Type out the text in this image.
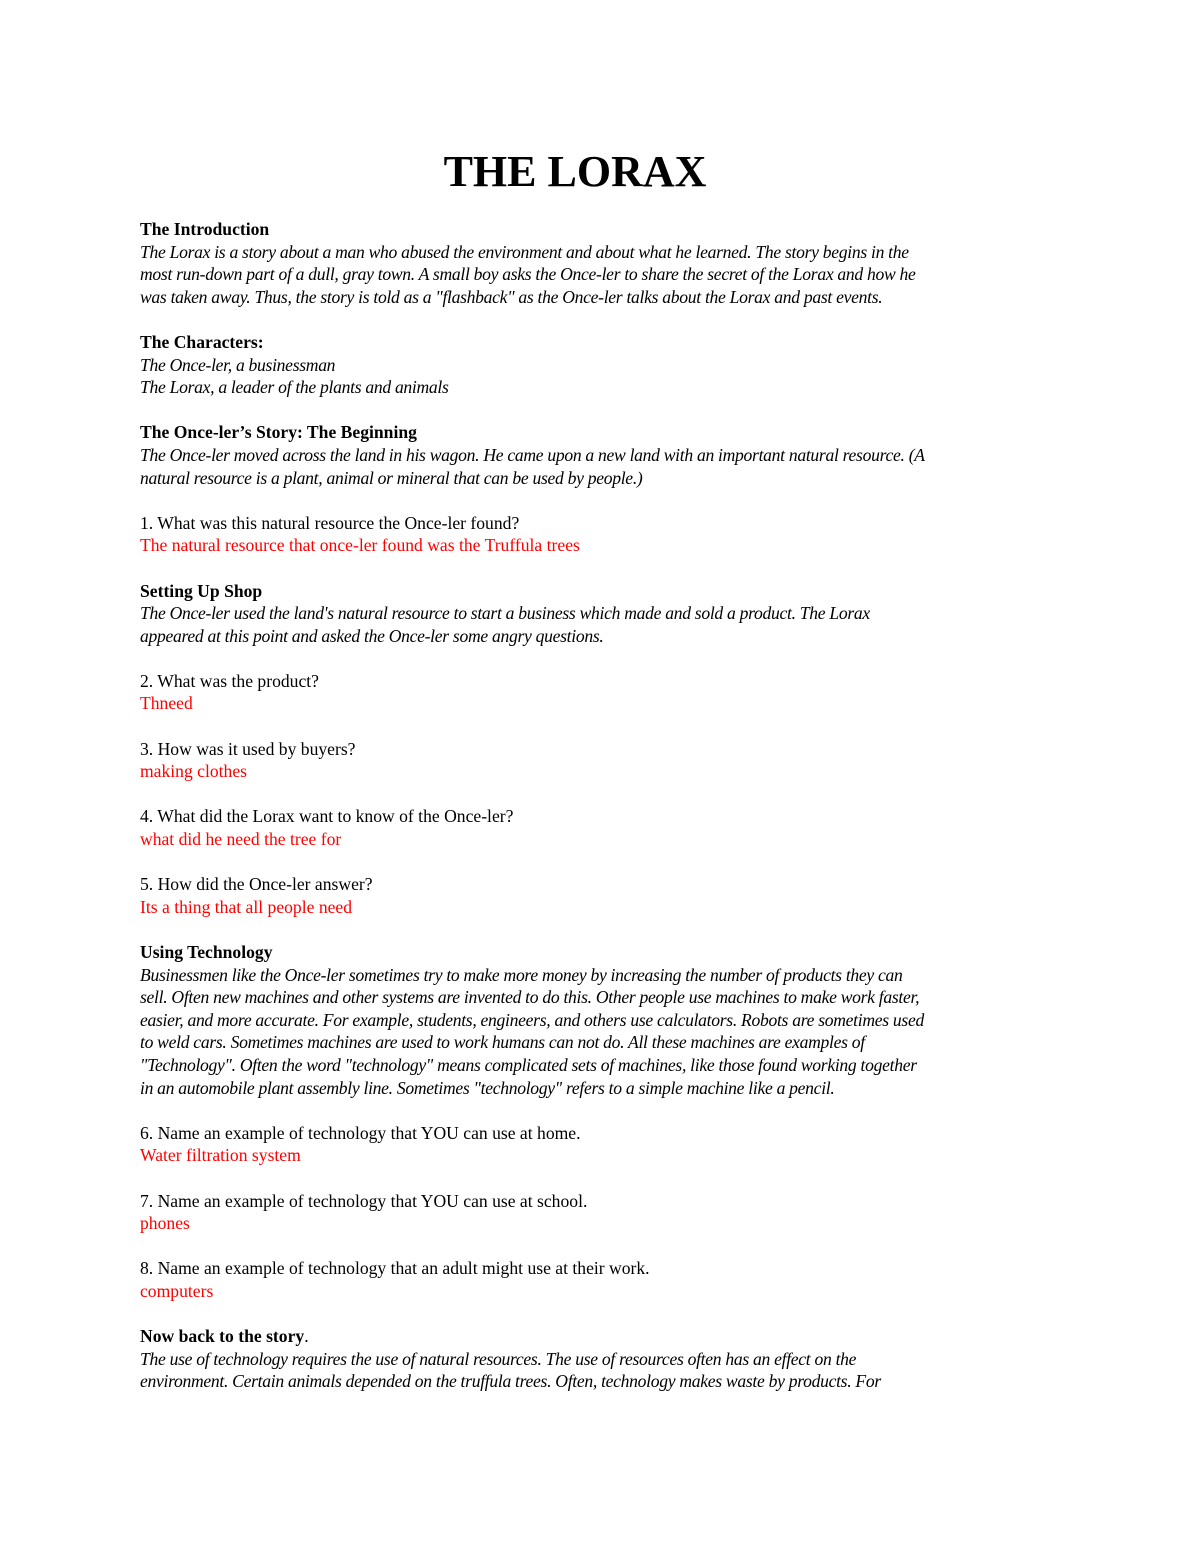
THE LORAX

The Introduction

The Lorax is a story about a man who abused the environment and about what he learned. The story begins in the
most run-down part of a dull, gray town. A small boy asks the Once-ler to share the secret of the Lorax and how he
was taken away. Thus, the story is told as a "flashback" as the Once-ler talks about the Lorax and past events.

The Characters:

The Once-ler, a businessman
The Lorax, a leader of the plants and animals

The Once-ler’s Story: The Beginning

The Once-ler moved across the land in his wagon. He came upon a new land with an important natural resource. (A
natural resource is a plant, animal or mineral that can be used by people.)

1. What was this natural resource the Once-ler found?

The natural resource that once-ler found was the Truffula trees

Setting Up Shop

The Once-ler used the land's natural resource to start a business which made and sold a product. The Lorax
appeared at this point and asked the Once-ler some angry questions.

2. What was the product?

Thneed

3. How was it used by buyers?

making clothes

4. What did the Lorax want to know of the Once-ler?

what did he need the tree for

5. How did the Once-ler answer?

Its a thing that all people need

Using Technology

Businessmen like the Once-ler sometimes try to make more money by increasing the number of products they can
sell. Often new machines and other systems are invented to do this. Other people use machines to make work faster,
easier, and more accurate. For example, students, engineers, and others use calculators. Robots are sometimes used
to weld cars. Sometimes machines are used to work humans can not do. All these machines are examples of
"Technology". Often the word "technology" means complicated sets of machines, like those found working together
in an automobile plant assembly line. Sometimes "technology" refers to a simple machine like a pencil.

6. Name an example of technology that YOU can use at home.

Water filtration system

7. Name an example of technology that YOU can use at school.

phones

8. Name an example of technology that an adult might use at their work.

computers

Now back to the story.

The use of technology requires the use of natural resources. The use of resources often has an effect on the
environment. Certain animals depended on the truffula trees. Often, technology makes waste by products. For
